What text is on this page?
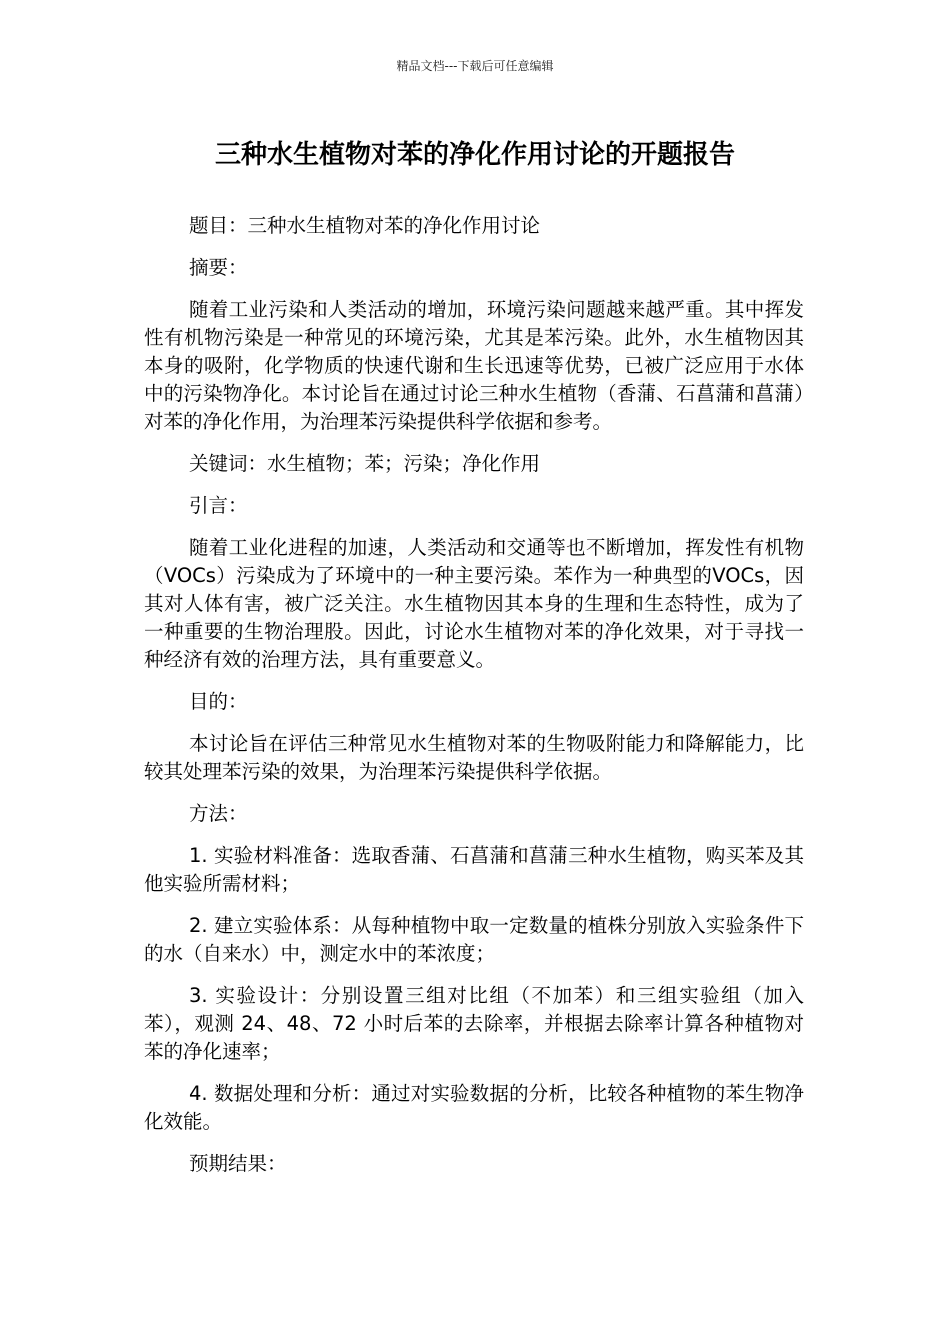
精品文档---下载后可任意编辑
三种水生植物对苯的净化作用讨论的开题报告

题目：三种水生植物对苯的净化作用讨论

摘要：

随着工业污染和人类活动的增加，环境污染问题越来越严重。其中挥发性有机物污染是一种常见的环境污染，尤其是苯污染。此外，水生植物因其本身的吸附，化学物质的快速代谢和生长迅速等优势，已被广泛应用于水体中的污染物净化。本讨论旨在通过讨论三种水生植物（香蒲、石菖蒲和菖蒲）对苯的净化作用，为治理苯污染提供科学依据和参考。

关键词：水生植物；苯；污染；净化作用

引言：

随着工业化进程的加速，人类活动和交通等也不断增加，挥发性有机物（VOCs）污染成为了环境中的一种主要污染。苯作为一种典型的VOCs，因其对人体有害，被广泛关注。水生植物因其本身的生理和生态特性，成为了一种重要的生物治理股。因此，讨论水生植物对苯的净化效果，对于寻找一种经济有效的治理方法，具有重要意义。

目的：

本讨论旨在评估三种常见水生植物对苯的生物吸附能力和降解能力，比较其处理苯污染的效果，为治理苯污染提供科学依据。

方法：

1. 实验材料准备：选取香蒲、石菖蒲和菖蒲三种水生植物，购买苯及其他实验所需材料；

2. 建立实验体系：从每种植物中取一定数量的植株分别放入实验条件下的水（自来水）中，测定水中的苯浓度；

3. 实验设计：分别设置三组对比组（不加苯）和三组实验组（加入苯），观测 24、48、72 小时后苯的去除率，并根据去除率计算各种植物对苯的净化速率；

4. 数据处理和分析：通过对实验数据的分析，比较各种植物的苯生物净化效能。

预期结果：
